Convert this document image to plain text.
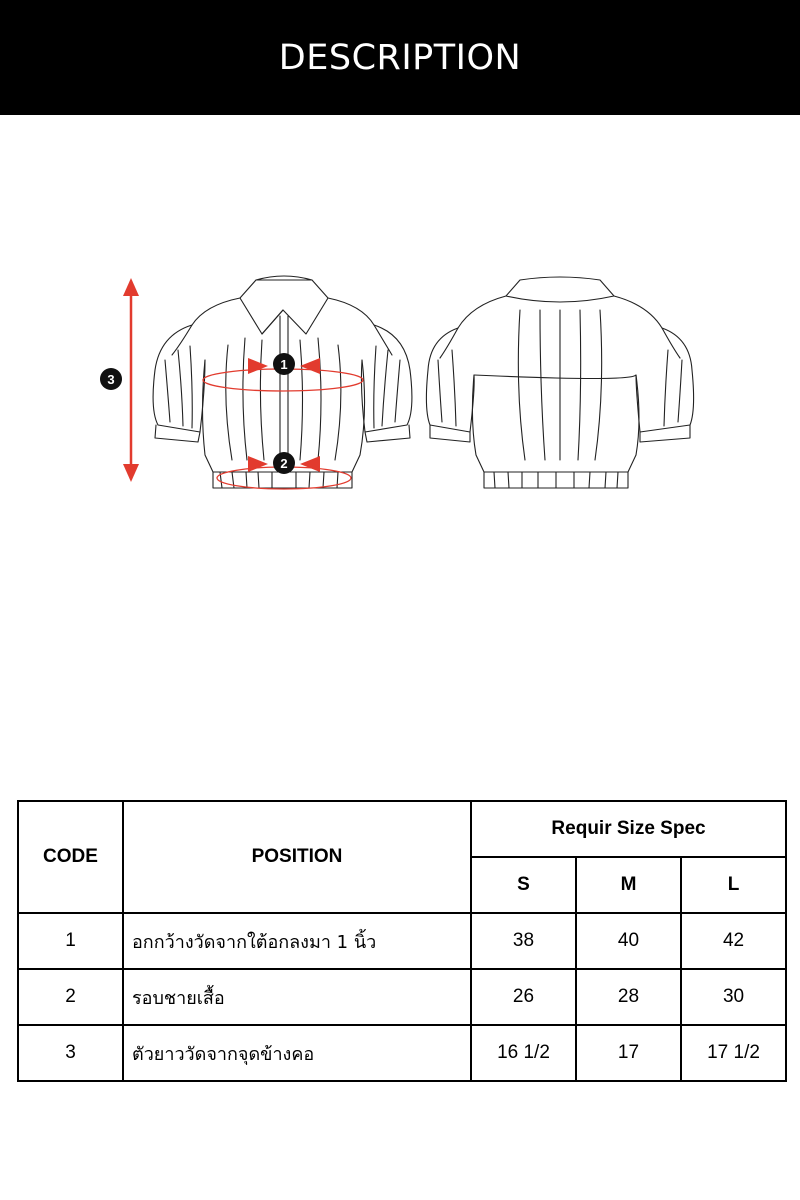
DESCRIPTION
1
2
3
CODE	POSITION	Requir Size Spec		
		S	M	L
1	อกกว้างวัดจากใต้อกลงมา 1 นิ้ว	38	40	42
2	รอบชายเสื้อ	26	28	30
3	ตัวยาววัดจากจุดข้างคอ	16 1/2	17	17 1/2
